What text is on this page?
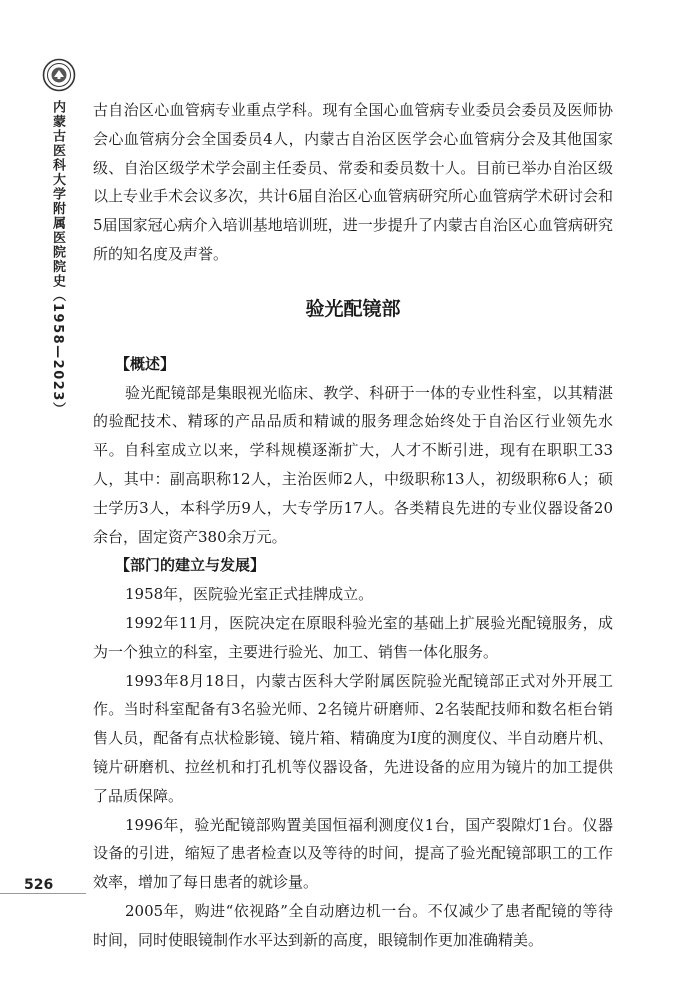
内蒙古医科大学附属医院院史（1958—2023）
526

古自治区心血管病专业重点学科。现有全国心血管病专业委员会委员及医师协会心血管病分会全国委员4人，内蒙古自治区医学会心血管病分会及其他国家级、自治区级学术学会副主任委员、常委和委员数十人。目前已举办自治区级以上专业手术会议多次，共计6届自治区心血管病研究所心血管病学术研讨会和5届国家冠心病介入培训基地培训班，进一步提升了内蒙古自治区心血管病研究所的知名度及声誉。

验光配镜部
【概述】

验光配镜部是集眼视光临床、教学、科研于一体的专业性科室，以其精湛的验配技术、精琢的产品品质和精诚的服务理念始终处于自治区行业领先水平。自科室成立以来，学科规模逐渐扩大，人才不断引进，现有在职职工33人，其中：副高职称12人，主治医师2人，中级职称13人，初级职称6人；硕士学历3人，本科学历9人，大专学历17人。各类精良先进的专业仪器设备20余台，固定资产380余万元。

【部门的建立与发展】

1958年，医院验光室正式挂牌成立。

1992年11月，医院决定在原眼科验光室的基础上扩展验光配镜服务，成为一个独立的科室，主要进行验光、加工、销售一体化服务。

1993年8月18日，内蒙古医科大学附属医院验光配镜部正式对外开展工作。当时科室配备有3名验光师、2名镜片研磨师、2名装配技师和数名柜台销售人员，配备有点状检影镜、镜片箱、精确度为Ⅰ度的测度仪、半自动磨片机、镜片研磨机、拉丝机和打孔机等仪器设备，先进设备的应用为镜片的加工提供了品质保障。

1996年，验光配镜部购置美国恒福利测度仪1台，国产裂隙灯1台。仪器设备的引进，缩短了患者检查以及等待的时间，提高了验光配镜部职工的工作效率，增加了每日患者的就诊量。

2005年，购进“依视路”全自动磨边机一台。不仅减少了患者配镜的等待时间，同时使眼镜制作水平达到新的高度，眼镜制作更加准确精美。
